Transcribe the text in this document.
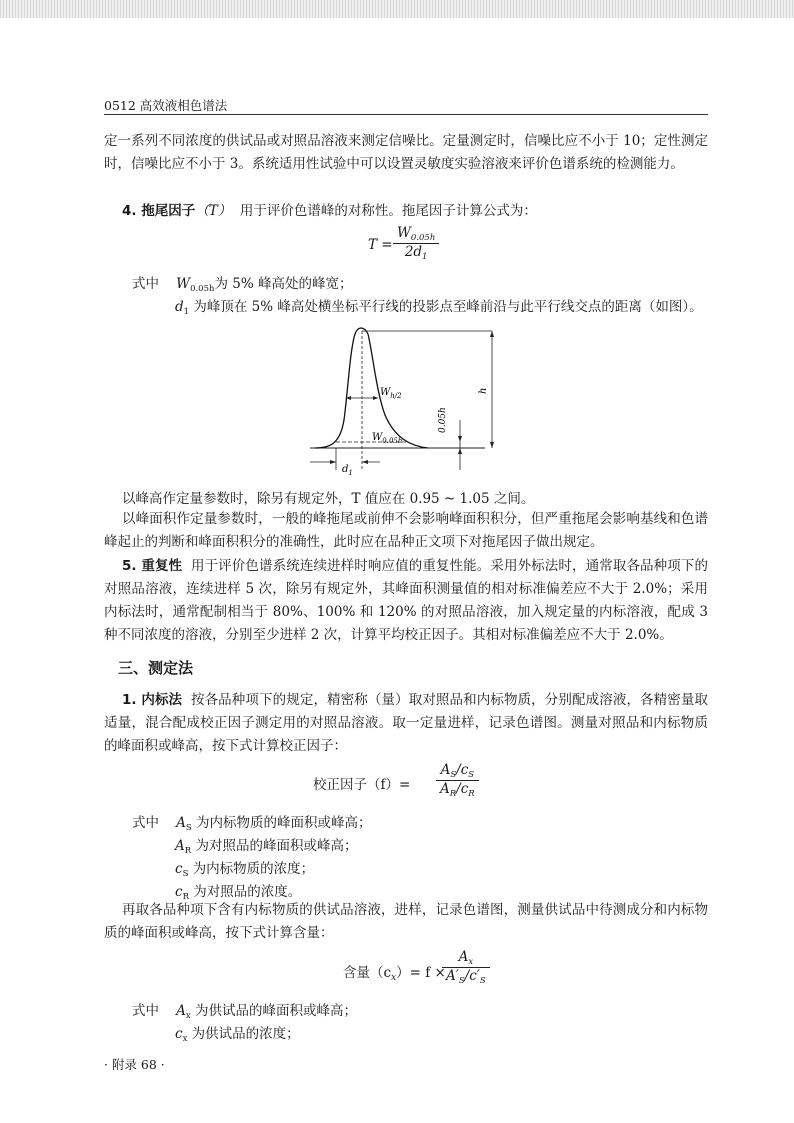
0512 高效液相色谱法

定一系列不同浓度的供试品或对照品溶液来测定信噪比。定量测定时，信噪比应不小于 10；定性测定时，信噪比应不小于 3。系统适用性试验中可以设置灵敏度实验溶液来评价色谱系统的检测能力。

4. 拖尾因子（T） 用于评价色谱峰的对称性。拖尾因子计算公式为：
$T = \frac{W_{0.05h}}{2d_1}$
式中 $W_{0.05h}$为 5% 峰高处的峰宽；
$d_1$ 为峰顶在 5% 峰高处横坐标平行线的投影点至峰前沿与此平行线交点的距离（如图）。
$W_{h/2}$
$W_{0.05h}$
h
0.05h
$d_1$
以峰高作定量参数时，除另有规定外，T 值应在 0.95 ~ 1.05 之间。

以峰面积作定量参数时，一般的峰拖尾或前伸不会影响峰面积积分，但严重拖尾会影响基线和色谱峰起止的判断和峰面积积分的准确性，此时应在品种正文项下对拖尾因子做出规定。

5. 重复性 用于评价色谱系统连续进样时响应值的重复性能。采用外标法时，通常取各品种项下的对照品溶液，连续进样 5 次，除另有规定外，其峰面积测量值的相对标准偏差应不大于 2.0%；采用内标法时，通常配制相当于 80%、100% 和 120% 的对照品溶液，加入规定量的内标溶液，配成 3 种不同浓度的溶液，分别至少进样 2 次，计算平均校正因子。其相对标准偏差应不大于 2.0%。

三、测定法

1. 内标法 按各品种项下的规定，精密称（量）取对照品和内标物质，分别配成溶液，各精密量取适量，混合配成校正因子测定用的对照品溶液。取一定量进样，记录色谱图。测量对照品和内标物质的峰面积或峰高，按下式计算校正因子：

校正因子$(f)= \frac{A_S/c_S}{A_R/c_R}$
式中 $A_S$ 为内标物质的峰面积或峰高；
$A_R$ 为对照品的峰面积或峰高；
$c_S$ 为内标物质的浓度；
$c_R$ 为对照品的浓度。

再取各品种项下含有内标物质的供试品溶液，进样，记录色谱图，测量供试品中待测成分和内标物质的峰面积或峰高，按下式计算含量：

含量$(c_x)= f$ ×
$\frac{A_x}{A'_S/c'_S}$
式中 $A_x$ 为供试品的峰面积或峰高；
$c_x$ 为供试品的浓度；
· 附录 68 ·
